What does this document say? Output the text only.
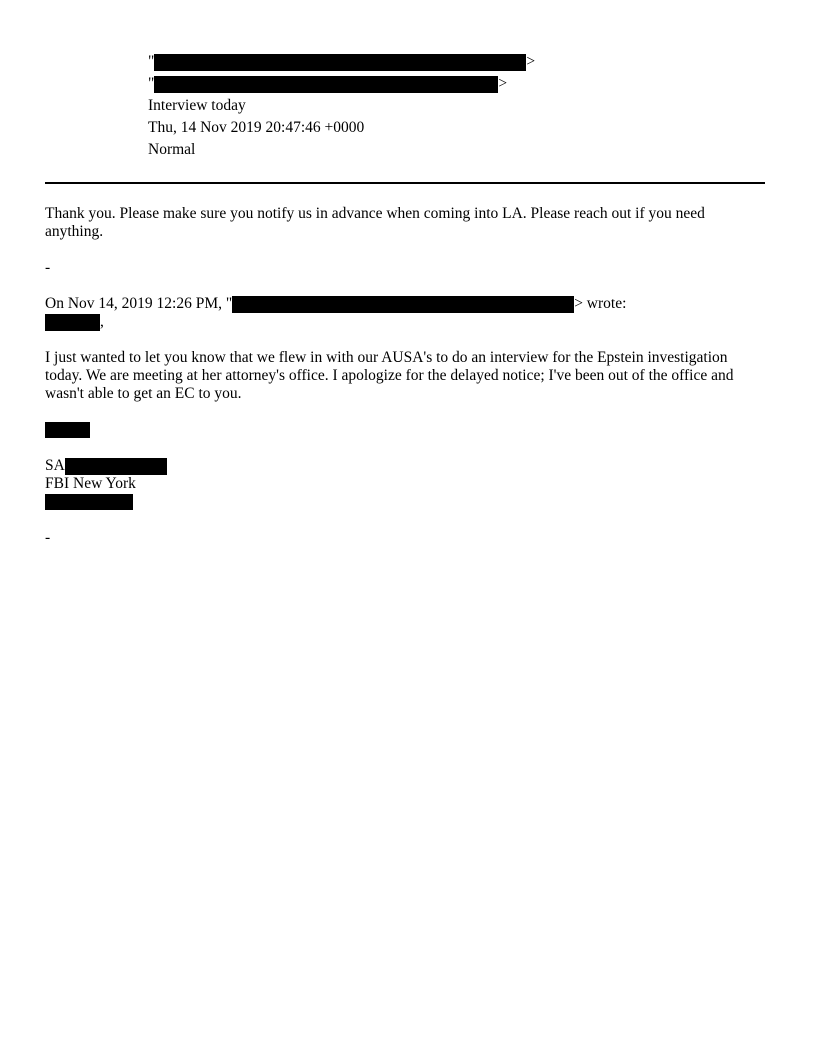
"	>
"	>
Interview today
Thu, 14 Nov 2019 20:47:46 +0000
Normal
Thank you. Please make sure you notify us in advance when coming into LA. Please reach out if you need anything.
-
On Nov 14, 2019 12:26 PM, "	> wrote:
,
I just wanted to let you know that we flew in with our AUSA's to do an interview for the Epstein investigation today. We are meeting at her attorney's office. I apologize for the delayed notice; I've been out of the office and wasn't able to get an EC to you.
SA
FBI New York
-
